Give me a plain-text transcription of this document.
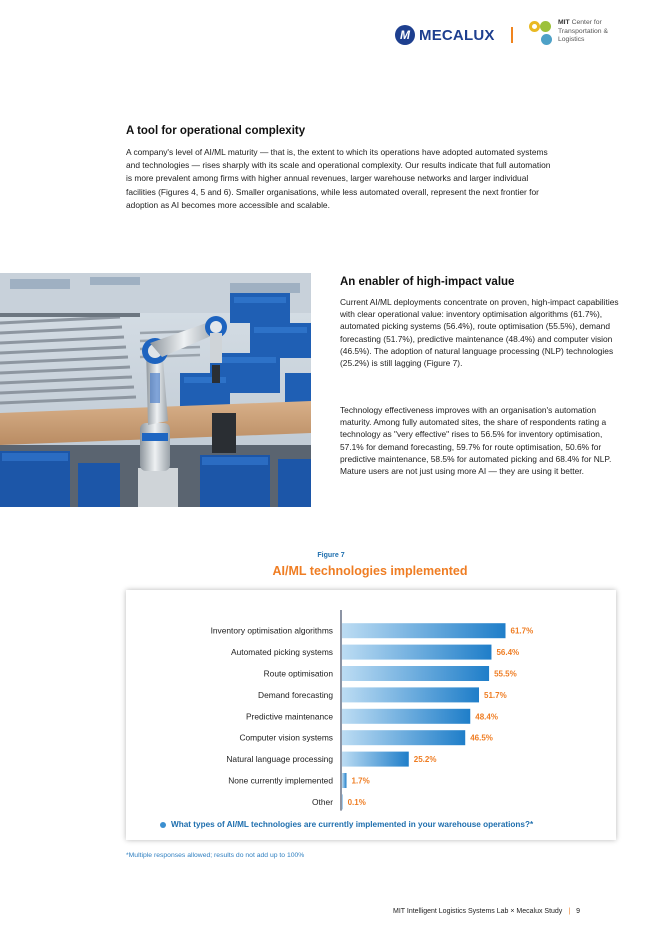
M MECALUX
MIT Center for
Transportation &
Logistics
A tool for operational complexity

A company's level of AI/ML maturity — that is, the extent to which its operations have adopted automated systems and technologies — rises sharply with its scale and operational complexity. Our results indicate that full automation is more prevalent among firms with higher annual revenues, larger warehouse networks and larger individual facilities (Figures 4, 5 and 6). Smaller organisations, while less automated overall, represent the next frontier for adoption as AI becomes more accessible and scalable.

An enabler of high-impact value

Current AI/ML deployments concentrate on proven, high-impact capabilities with clear operational value: inventory optimisation algorithms (61.7%), automated picking systems (56.4%), route optimisation (55.5%), demand forecasting (51.7%), predictive maintenance (48.4%) and computer vision (46.5%). The adoption of natural language processing (NLP) technologies (25.2%) is still lagging (Figure 7).

Technology effectiveness improves with an organisation's automation maturity. Among fully automated sites, the share of respondents rating a technology as "very effective" rises to 56.5% for inventory optimisation, 57.1% for demand forecasting, 59.7% for route optimisation, 50.6% for predictive maintenance, 58.5% for automated picking and 68.4% for NLP. Mature users are not just using more AI — they are using it better.

Figure 7
AI/ML technologies implemented
Inventory optimisation algorithms	61.7%
Automated picking systems	56.4%
Route optimisation	55.5%
Demand forecasting	51.7%
Predictive maintenance	48.4%
Computer vision systems	46.5%
Natural language processing	25.2%
None currently implemented 1.7%
Other 0.1%
What types of AI/ML technologies are currently implemented in your warehouse operations?*
*Multiple responses allowed; results do not add up to 100%
MIT Intelligent Logistics Systems Lab × Mecalux Study | 9
